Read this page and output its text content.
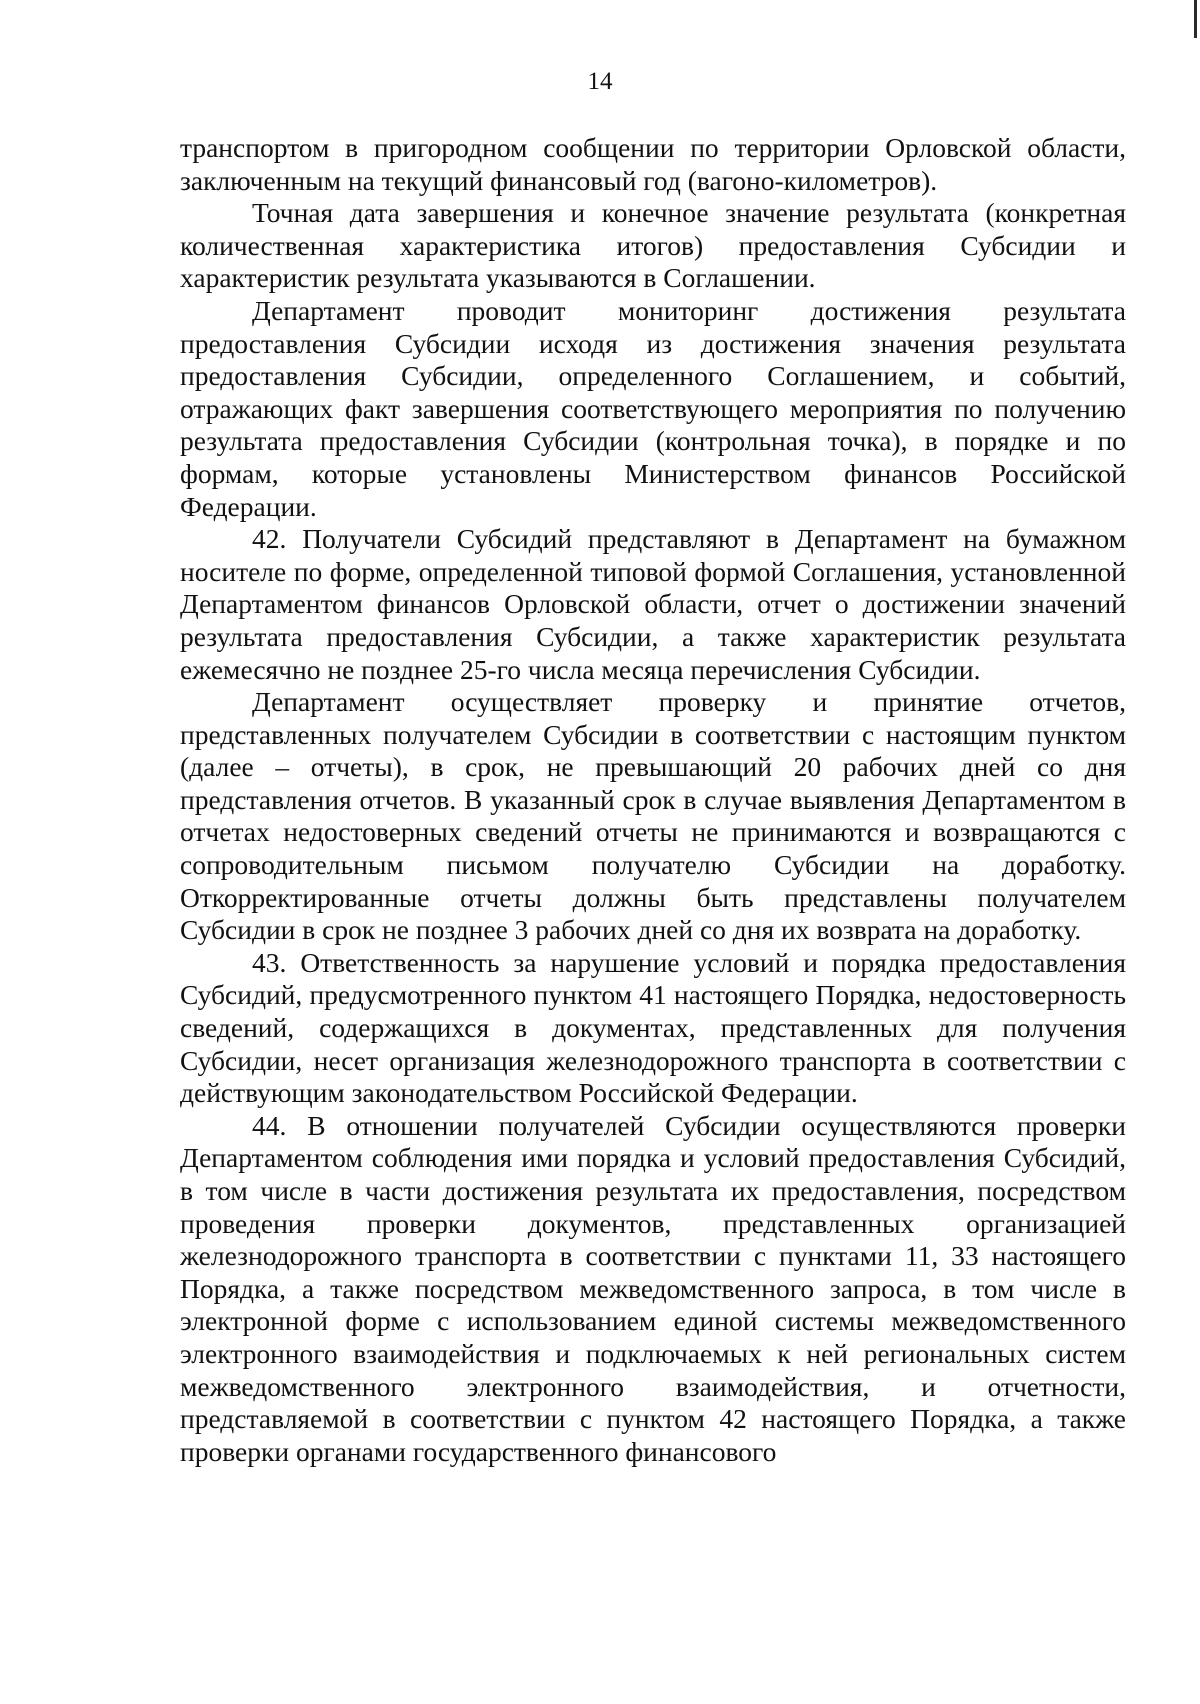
14

транспортом в пригородном сообщении по территории Орловской области, заключенным на текущий финансовый год (вагоно-километров).

Точная дата завершения и конечное значение результата (конкретная количественная характеристика итогов) предоставления Субсидии и характеристик результата указываются в Соглашении.

Департамент проводит мониторинг достижения результата предоставления Субсидии исходя из достижения значения результата предоставления Субсидии, определенного Соглашением, и событий, отражающих факт завершения соответствующего мероприятия по получению результата предоставления Субсидии (контрольная точка), в порядке и по формам, которые установлены Министерством финансов Российской Федерации.

42. Получатели Субсидий представляют в Департамент на бумажном носителе по форме, определенной типовой формой Соглашения, установленной Департаментом финансов Орловской области, отчет о достижении значений результата предоставления Субсидии, а также характеристик результата ежемесячно не позднее 25-го числа месяца перечисления Субсидии.

Департамент осуществляет проверку и принятие отчетов, представленных получателем Субсидии в соответствии с настоящим пунктом (далее – отчеты), в срок, не превышающий 20 рабочих дней со дня представления отчетов. В указанный срок в случае выявления Департаментом в отчетах недостоверных сведений отчеты не принимаются и возвращаются с сопроводительным письмом получателю Субсидии на доработку. Откорректированные отчеты должны быть представлены получателем Субсидии в срок не позднее 3 рабочих дней со дня их возврата на доработку.

43. Ответственность за нарушение условий и порядка предоставления Субсидий, предусмотренного пунктом 41 настоящего Порядка, недостоверность сведений, содержащихся в документах, представленных для получения Субсидии, несет организация железнодорожного транспорта в соответствии с действующим законодательством Российской Федерации.

44. В отношении получателей Субсидии осуществляются проверки Департаментом соблюдения ими порядка и условий предоставления Субсидий, в том числе в части достижения результата их предоставления, посредством проведения проверки документов, представленных организацией железнодорожного транспорта в соответствии с пунктами 11, 33 настоящего Порядка, а также посредством межведомственного запроса, в том числе в электронной форме с использованием единой системы межведомственного электронного взаимодействия и подключаемых к ней региональных систем межведомственного электронного взаимодействия, и отчетности, представляемой в соответствии с пунктом 42 настоящего Порядка, а также проверки органами государственного финансового
